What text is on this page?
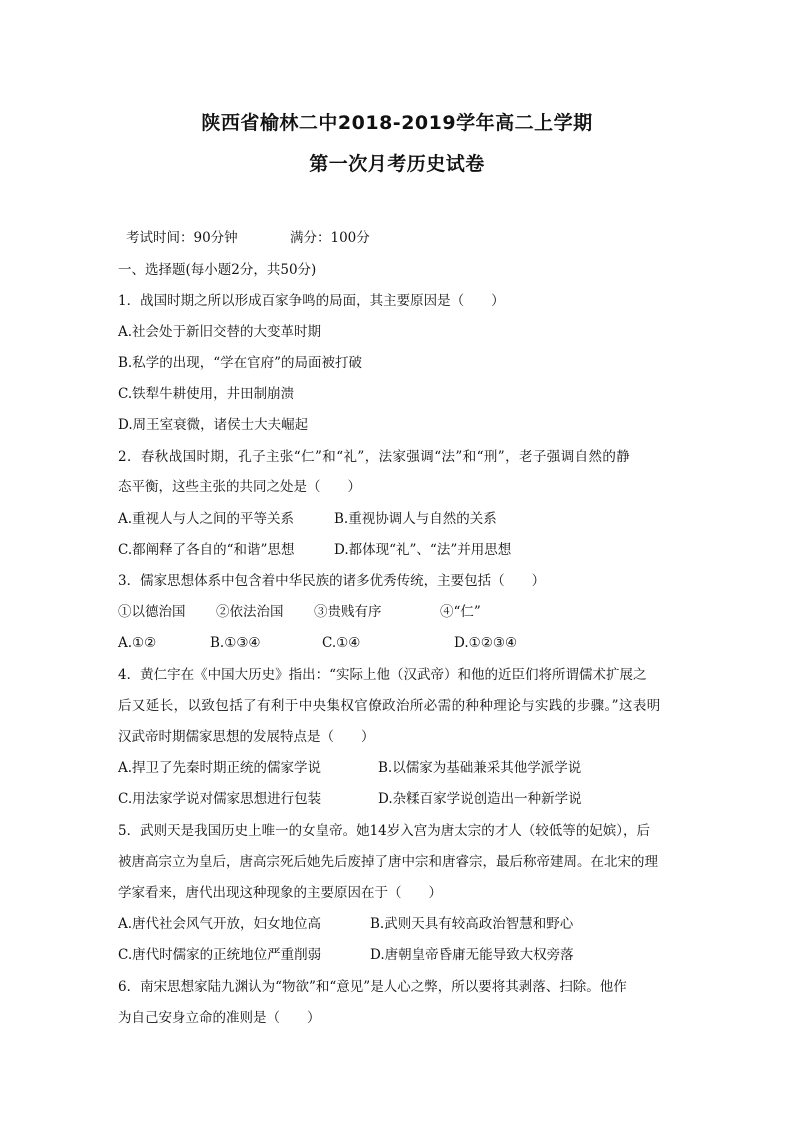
陕西省榆林二中2018-2019学年高二上学期
第一次月考历史试卷
考试时间：90分钟	满分：100分
一、选择题(每小题2分，共50分)
1．战国时期之所以形成百家争鸣的局面，其主要原因是（　　）
A.社会处于新旧交替的大变革时期
B.私学的出现，“学在官府”的局面被打破
C.铁犁牛耕使用，井田制崩溃
D.周王室衰微，诸侯士大夫崛起
2．春秋战国时期，孔子主张“仁”和“礼”，法家强调“法”和“刑”，老子强调自然的静
态平衡，这些主张的共同之处是（　　）
A.重视人与人之间的平等关系	B.重视协调人与自然的关系
C.都阐释了各自的“和谐”思想	D.都体现“礼”、“法”并用思想
3．儒家思想体系中包含着中华民族的诸多优秀传统，主要包括（　　）
①以德治国 ②依法治国 ③贵贱有序	④“仁”
A.①②	B.①③④	C.①④	D.①②③④
4．黄仁宇在《中国大历史》指出：“实际上他（汉武帝）和他的近臣们将所谓儒术扩展之
后又延长，以致包括了有利于中央集权官僚政治所必需的种种理论与实践的步骤。”这表明
汉武帝时期儒家思想的发展特点是（　　）
A.捍卫了先秦时期正统的儒家学说	B.以儒家为基础兼采其他学派学说
C.用法家学说对儒家思想进行包装	D.杂糅百家学说创造出一种新学说
5．武则天是我国历史上唯一的女皇帝。她14岁入宫为唐太宗的才人（较低等的妃嫔），后
被唐高宗立为皇后，唐高宗死后她先后废掉了唐中宗和唐睿宗，最后称帝建周。在北宋的理
学家看来，唐代出现这种现象的主要原因在于（　　）
A.唐代社会风气开放，妇女地位高	B.武则天具有较高政治智慧和野心
C.唐代时儒家的正统地位严重削弱	D.唐朝皇帝昏庸无能导致大权旁落
6．南宋思想家陆九渊认为“物欲”和“意见”是人心之弊，所以要将其剥落、扫除。他作
为自己安身立命的准则是（　　）
